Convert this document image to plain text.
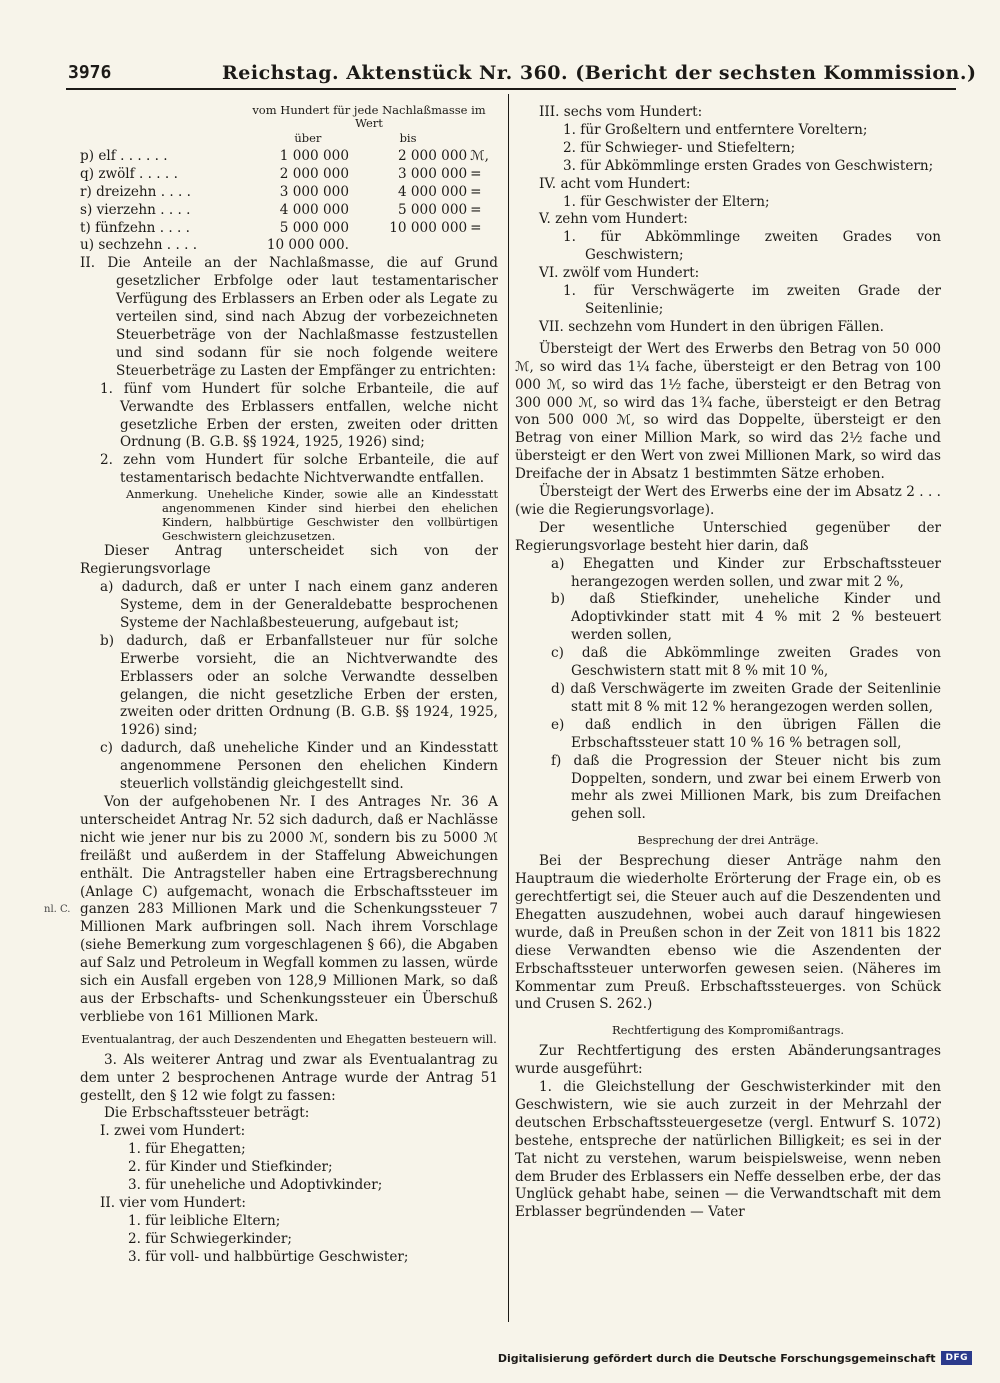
3976	Reichstag. Aktenstück Nr. 360. (Bericht der sechsten Kommission.)
nl. C.
vom Hundert für jede Nachlaßmasse im Wert
	über	bis	
p) elf . . . . . .	1 000 000	2 000 000	ℳ,
q) zwölf . . . . .	2 000 000	3 000 000	=
r) dreizehn . . . .	3 000 000	4 000 000	=
s) vierzehn . . . .	4 000 000	5 000 000	=
t) fünfzehn . . . .	5 000 000	10 000 000	=
u) sechzehn . . . .	10 000 000.		

II. Die Anteile an der Nachlaßmasse, die auf Grund gesetzlicher Erbfolge oder laut testamentarischer Verfügung des Erblassers an Erben oder als Legate zu verteilen sind, sind nach Abzug der vorbezeichneten Steuerbeträge von der Nachlaßmasse festzustellen und sind sodann für sie noch folgende weitere Steuerbeträge zu Lasten der Empfänger zu entrichten:

1. fünf vom Hundert für solche Erbanteile, die auf Verwandte des Erblassers entfallen, welche nicht gesetzliche Erben der ersten, zweiten oder dritten Ordnung (B. G.B. §§ 1924, 1925, 1926) sind;

2. zehn vom Hundert für solche Erbanteile, die auf testamentarisch bedachte Nichtverwandte entfallen.

Anmerkung. Uneheliche Kinder, sowie alle an Kindesstatt angenommenen Kinder sind hierbei den ehelichen Kindern, halbbürtige Geschwister den vollbürtigen Geschwistern gleichzusetzen.

Dieser Antrag unterscheidet sich von der Regierungsvorlage

a) dadurch, daß er unter I nach einem ganz anderen Systeme, dem in der Generaldebatte besprochenen Systeme der Nachlaßbesteuerung, aufgebaut ist;

b) dadurch, daß er Erbanfallsteuer nur für solche Erwerbe vorsieht, die an Nichtverwandte des Erblassers oder an solche Verwandte desselben gelangen, die nicht gesetzliche Erben der ersten, zweiten oder dritten Ordnung (B. G.B. §§ 1924, 1925, 1926) sind;

c) dadurch, daß uneheliche Kinder und an Kindesstatt angenommene Personen den ehelichen Kindern steuerlich vollständig gleichgestellt sind.

Von der aufgehobenen Nr. I des Antrages Nr. 36 A unterscheidet Antrag Nr. 52 sich dadurch, daß er Nachlässe nicht wie jener nur bis zu 2000 ℳ, sondern bis zu 5000 ℳ freiläßt und außerdem in der Staffelung Abweichungen enthält. Die Antragsteller haben eine Ertragsberechnung (Anlage C) aufgemacht, wonach die Erbschaftssteuer im ganzen 283 Millionen Mark und die Schenkungssteuer 7 Millionen Mark aufbringen soll. Nach ihrem Vorschlage (siehe Bemerkung zum vorgeschlagenen § 66), die Abgaben auf Salz und Petroleum in Wegfall kommen zu lassen, würde sich ein Ausfall ergeben von 128,9 Millionen Mark, so daß aus der Erbschafts- und Schenkungssteuer ein Überschuß verbliebe von 161 Millionen Mark.

Eventualantrag, der auch Deszendenten und Ehegatten besteuern will.

3. Als weiterer Antrag und zwar als Eventualantrag zu dem unter 2 besprochenen Antrage wurde der Antrag 51 gestellt, den § 12 wie folgt zu fassen:

Die Erbschaftssteuer beträgt:

I. zwei vom Hundert:

1. für Ehegatten;

2. für Kinder und Stiefkinder;

3. für uneheliche und Adoptivkinder;

II. vier vom Hundert:

1. für leibliche Eltern;

2. für Schwiegerkinder;

3. für voll- und halbbürtige Geschwister;

III. sechs vom Hundert:

1. für Großeltern und entferntere Voreltern;

2. für Schwieger- und Stiefeltern;

3. für Abkömmlinge ersten Grades von Geschwistern;

IV. acht vom Hundert:

1. für Geschwister der Eltern;

V. zehn vom Hundert:

1. für Abkömmlinge zweiten Grades von Geschwistern;

VI. zwölf vom Hundert:

1. für Verschwägerte im zweiten Grade der Seitenlinie;

VII. sechzehn vom Hundert in den übrigen Fällen.

Übersteigt der Wert des Erwerbs den Betrag von 50 000 ℳ, so wird das 1¼ fache, übersteigt er den Betrag von 100 000 ℳ, so wird das 1½ fache, übersteigt er den Betrag von 300 000 ℳ, so wird das 1¾ fache, übersteigt er den Betrag von 500 000 ℳ, so wird das Doppelte, übersteigt er den Betrag von einer Million Mark, so wird das 2½ fache und übersteigt er den Wert von zwei Millionen Mark, so wird das Dreifache der in Absatz 1 bestimmten Sätze erhoben.

Übersteigt der Wert des Erwerbs eine der im Absatz 2 . . . (wie die Regierungsvorlage).

Der wesentliche Unterschied gegenüber der Regierungsvorlage besteht hier darin, daß

a) Ehegatten und Kinder zur Erbschaftssteuer herangezogen werden sollen, und zwar mit 2 %,

b) daß Stiefkinder, uneheliche Kinder und Adoptivkinder statt mit 4 % mit 2 % besteuert werden sollen,

c) daß die Abkömmlinge zweiten Grades von Geschwistern statt mit 8 % mit 10 %,

d) daß Verschwägerte im zweiten Grade der Seitenlinie statt mit 8 % mit 12 % herangezogen werden sollen,

e) daß endlich in den übrigen Fällen die Erbschaftssteuer statt 10 % 16 % betragen soll,

f) daß die Progression der Steuer nicht bis zum Doppelten, sondern, und zwar bei einem Erwerb von mehr als zwei Millionen Mark, bis zum Dreifachen gehen soll.

Besprechung der drei Anträge.

Bei der Besprechung dieser Anträge nahm den Hauptraum die wiederholte Erörterung der Frage ein, ob es gerechtfertigt sei, die Steuer auch auf die Deszendenten und Ehegatten auszudehnen, wobei auch darauf hingewiesen wurde, daß in Preußen schon in der Zeit von 1811 bis 1822 diese Verwandten ebenso wie die Aszendenten der Erbschaftssteuer unterworfen gewesen seien. (Näheres im Kommentar zum Preuß. Erbschaftssteuerges. von Schück und Crusen S. 262.)

Rechtfertigung des Kompromißantrags.

Zur Rechtfertigung des ersten Abänderungsantrages wurde ausgeführt:

1. die Gleichstellung der Geschwisterkinder mit den Geschwistern, wie sie auch zurzeit in der Mehrzahl der deutschen Erbschaftssteuergesetze (vergl. Entwurf S. 1072) bestehe, entspreche der natürlichen Billigkeit; es sei in der Tat nicht zu verstehen, warum beispielsweise, wenn neben dem Bruder des Erblassers ein Neffe desselben erbe, der das Unglück gehabt habe, seinen — die Verwandtschaft mit dem Erblasser begründenden — Vater

Digitalisierung gefördert durch die Deutsche Forschungsgemeinschaft	DFG
